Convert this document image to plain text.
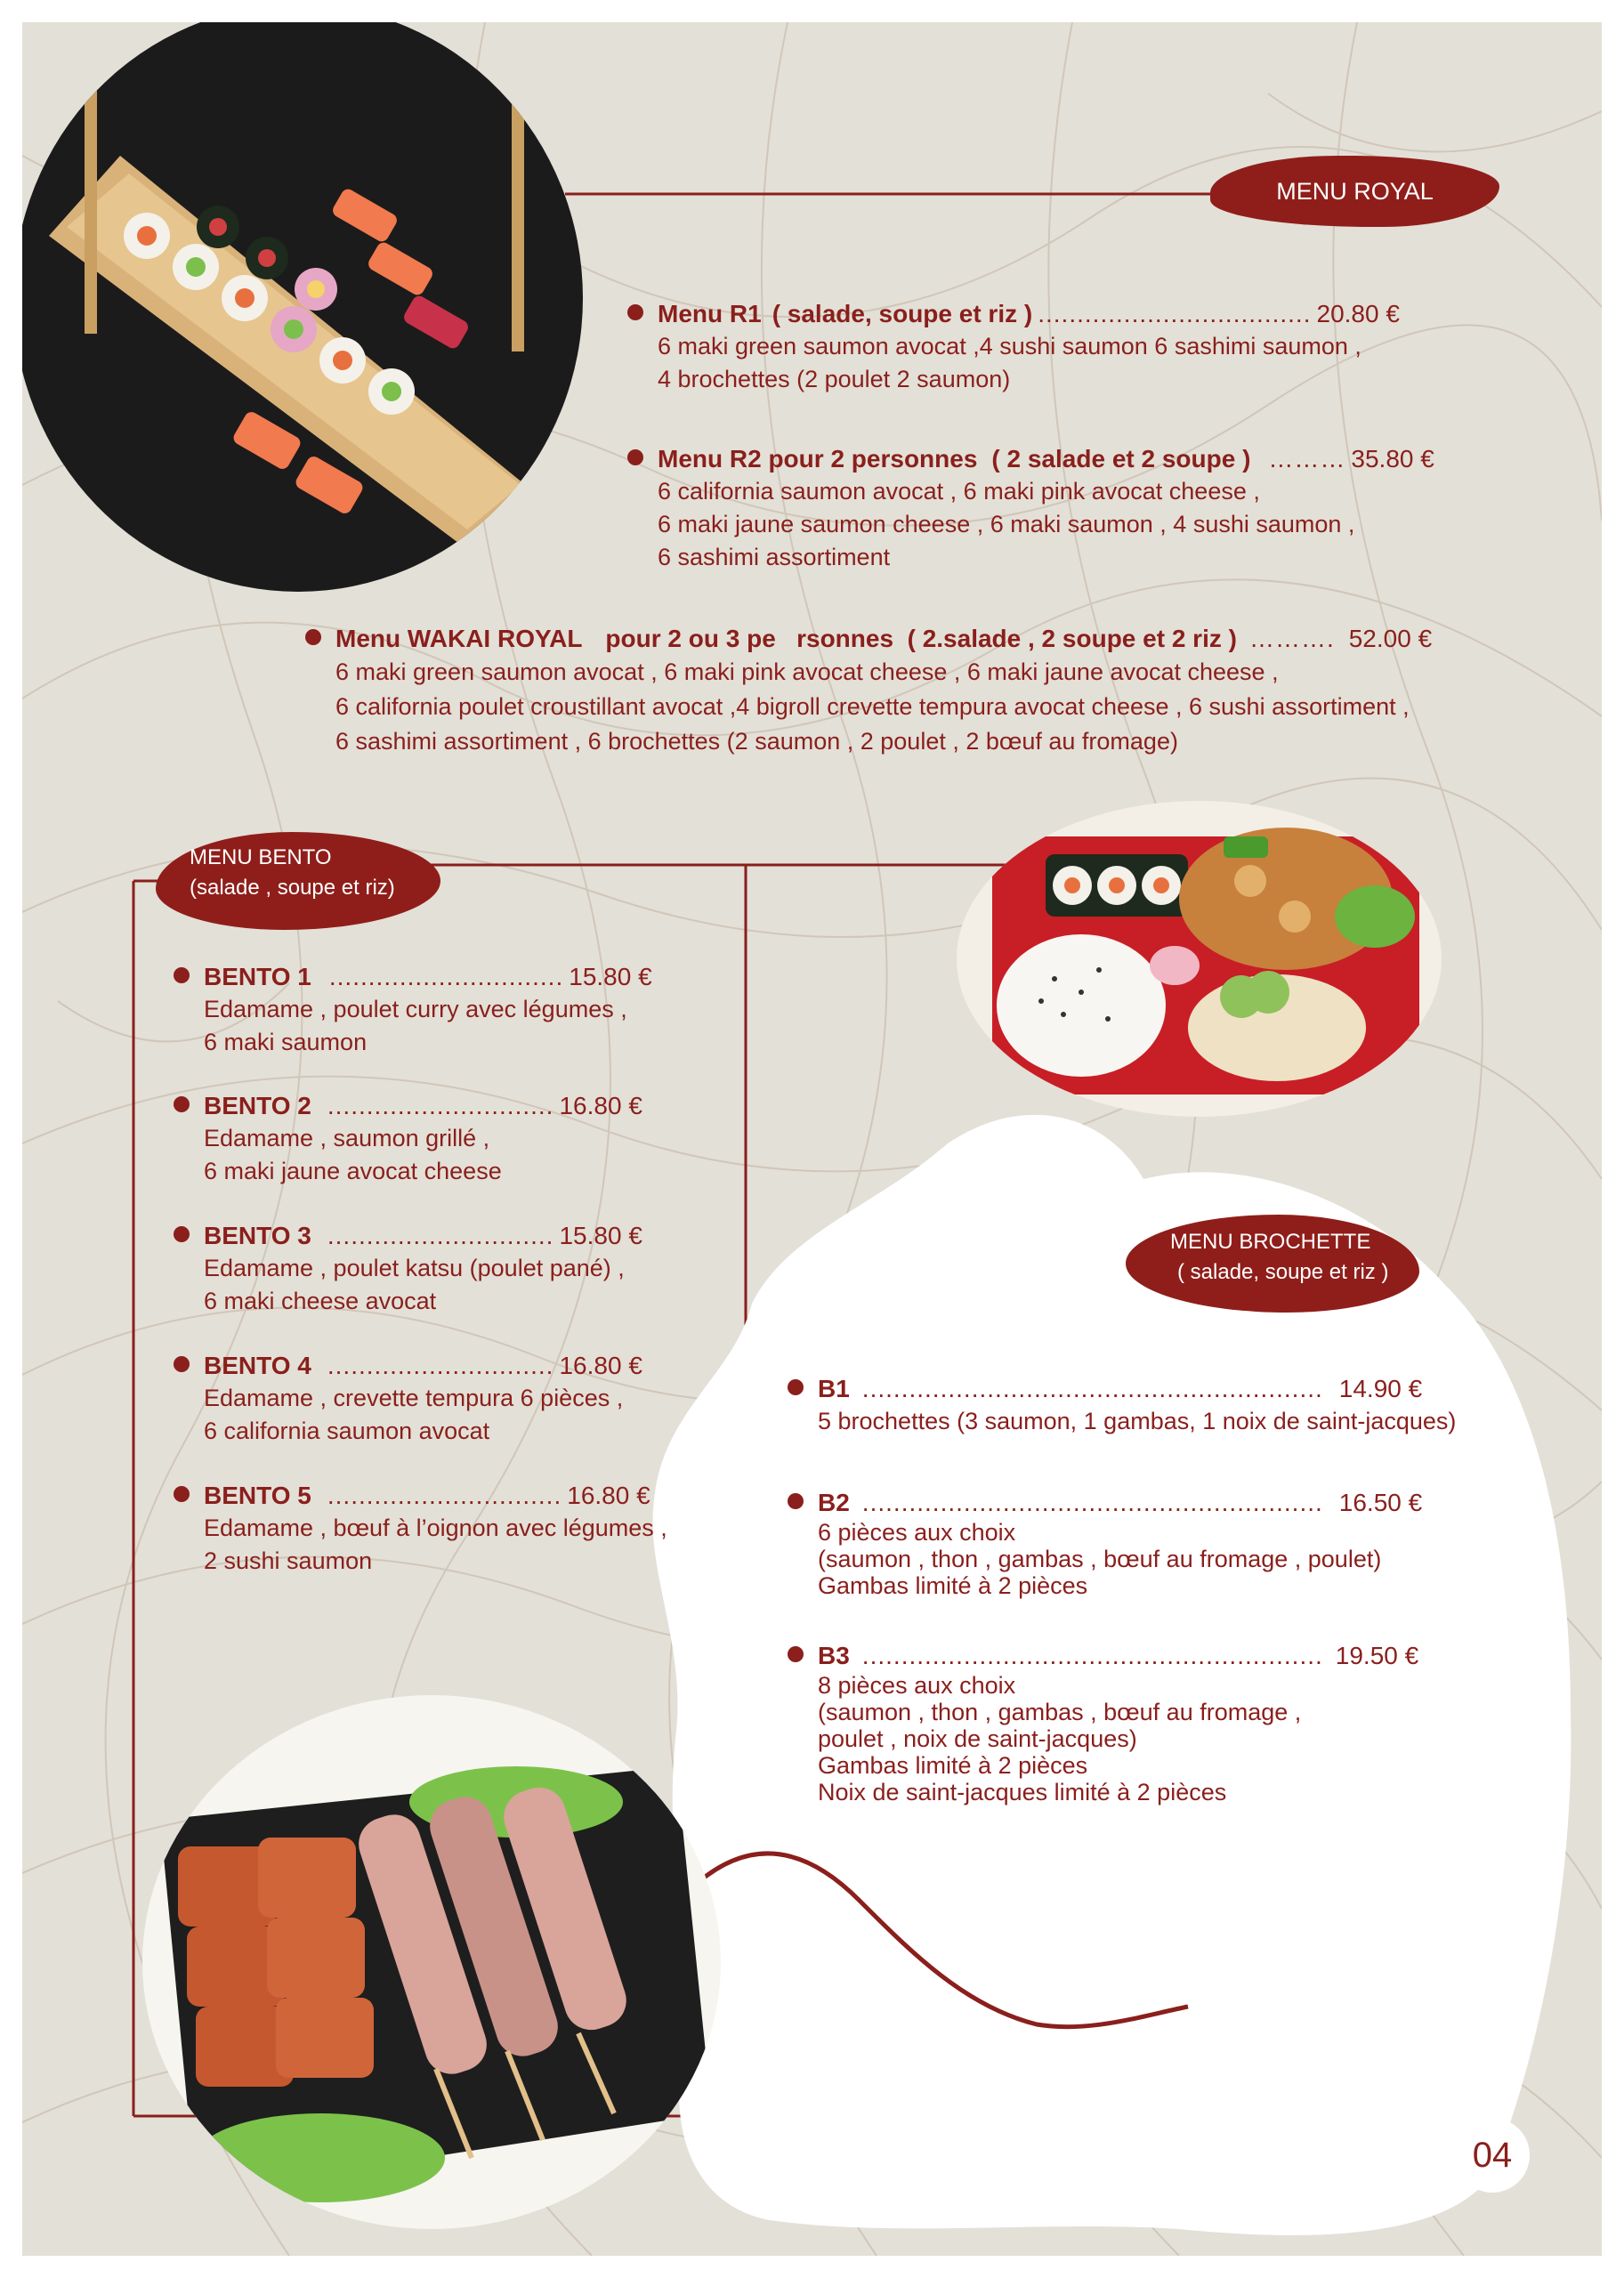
MENU ROYAL
Menu R1 ( salade, soupe et riz ) ................................... 20.80 €
6 maki green saumon avocat ,4 sushi saumon 6 sashimi saumon ,
4 brochettes (2 poulet 2 saumon)
Menu R2 pour 2 personnes ( 2 salade et 2 soupe ) ……… 35.80 €
6 california saumon avocat , 6 maki pink avocat cheese ,
6 maki jaune saumon cheese , 6 maki saumon , 4 sushi saumon ,
6 sashimi assortiment
Menu WAKAI ROYAL pour 2 ou 3 pe   rsonnes  ( 2.salade , 2 soupe et 2 riz ) ………. 52.00 €
6 maki green saumon avocat , 6 maki pink avocat cheese , 6 maki jaune avocat cheese ,
6 california poulet croustillant avocat ,4 bigroll crevette tempura avocat cheese , 6 sushi assortiment ,
6 sashimi assortiment , 6 brochettes (2 saumon , 2 poulet , 2 bœuf au fromage)
MENU BENTO
(salade , soupe et riz)
BENTO 1 .............................. 15.80 €
Edamame , poulet curry avec légumes ,
6 maki saumon
BENTO 2 ............................. 16.80 €
Edamame , saumon grillé ,
6 maki jaune avocat cheese
BENTO 3 ............................. 15.80 €
Edamame , poulet katsu (poulet pané) ,
6 maki cheese avocat
BENTO 4 ............................. 16.80 €
Edamame , crevette tempura 6 pièces ,
6 california saumon avocat
BENTO 5 .............................. 16.80 €
Edamame , bœuf à l’oignon avec légumes ,
2 sushi saumon
MENU BROCHETTE
( salade, soupe et riz )
B1 ........................................................... 14.90 €
5 brochettes (3 saumon, 1 gambas, 1 noix de saint-jacques)
B2 ........................................................... 16.50 €
6 pièces aux choix
(saumon , thon , gambas , bœuf au fromage , poulet)
Gambas limité à 2 pièces
B3 ........................................................... 19.50 €
8 pièces aux choix
(saumon , thon , gambas , bœuf au fromage ,
poulet , noix de saint-jacques)
Gambas limité à 2 pièces
Noix de saint-jacques limité à 2 pièces
04
